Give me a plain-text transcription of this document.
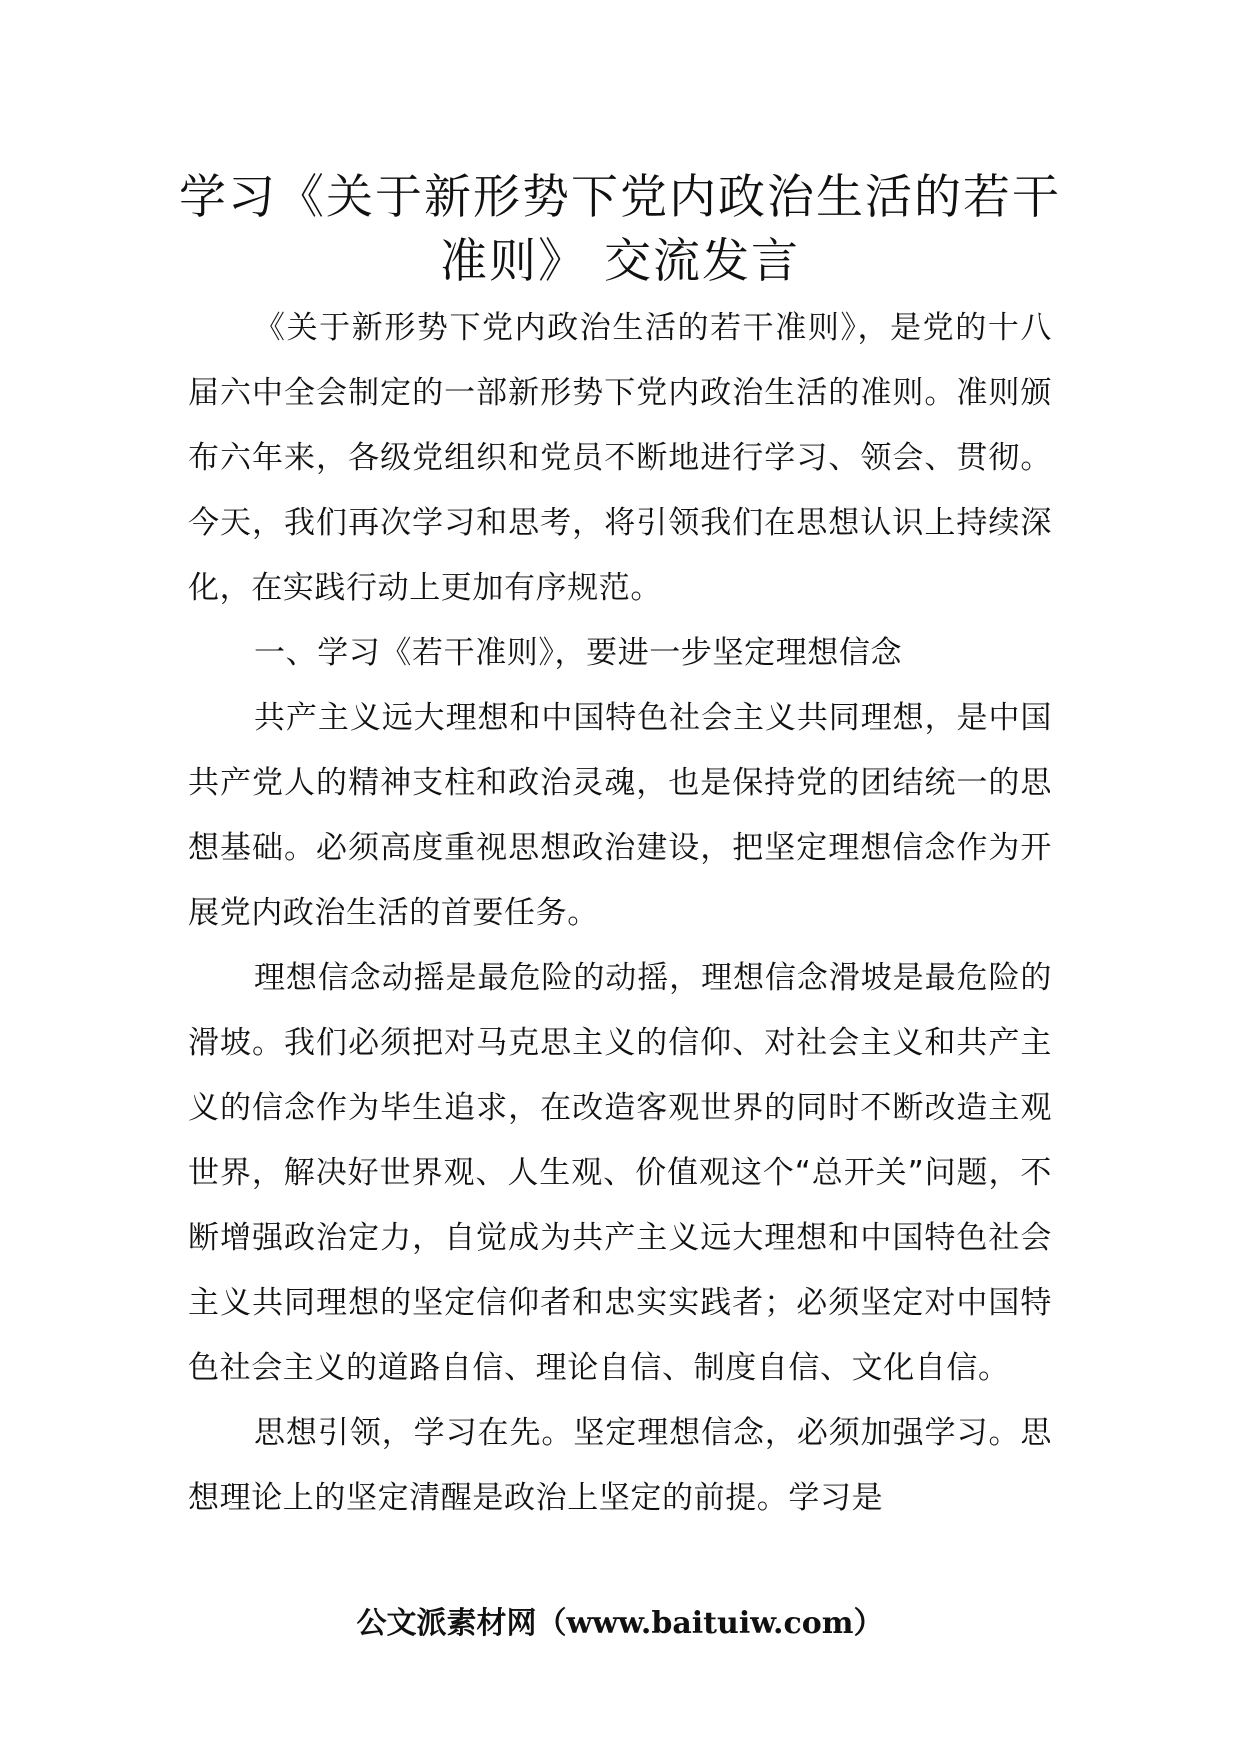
学习《关于新形势下党内政治生活的若干
准则》 交流发言

《关于新形势下党内政治生活的若干准则》，是党的十八届六中全会制定的一部新形势下党内政治生活的准则。准则颁布六年来，各级党组织和党员不断地进行学习、领会、贯彻。今天，我们再次学习和思考，将引领我们在思想认识上持续深化，在实践行动上更加有序规范。

一、学习《若干准则》，要进一步坚定理想信念

共产主义远大理想和中国特色社会主义共同理想，是中国共产党人的精神支柱和政治灵魂，也是保持党的团结统一的思想基础。必须高度重视思想政治建设，把坚定理想信念作为开展党内政治生活的首要任务。

理想信念动摇是最危险的动摇，理想信念滑坡是最危险的滑坡。我们必须把对马克思主义的信仰、对社会主义和共产主义的信念作为毕生追求，在改造客观世界的同时不断改造主观世界，解决好世界观、人生观、价值观这个“总开关”问题，不断增强政治定力，自觉成为共产主义远大理想和中国特色社会主义共同理想的坚定信仰者和忠实实践者；必须坚定对中国特色社会主义的道路自信、理论自信、制度自信、文化自信。

思想引领，学习在先。坚定理想信念，必须加强学习。思想理论上的坚定清醒是政治上坚定的前提。学习是

公文派素材网（www.baituiw.com）
